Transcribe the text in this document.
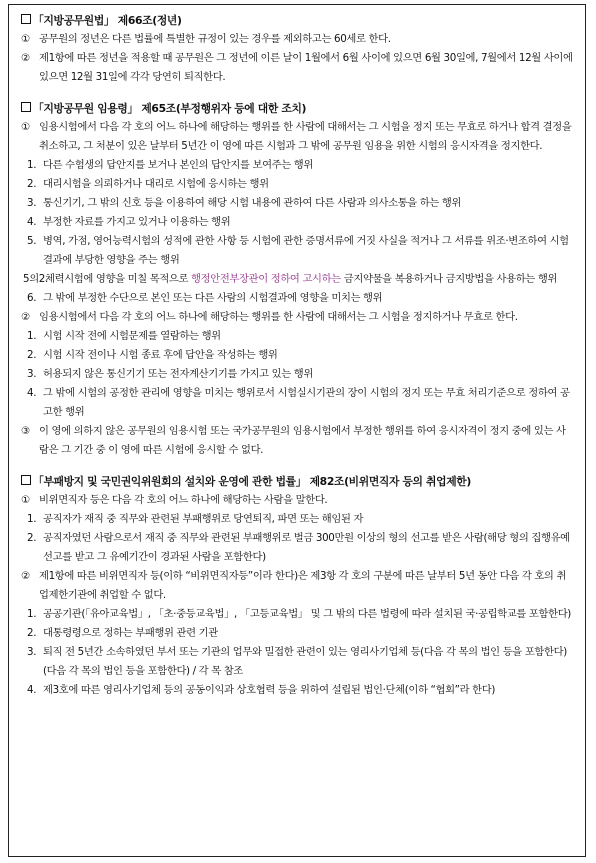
「지방공무원법」 제66조(정년)

① 공무원의 정년은 다른 법률에 특별한 규정이 있는 경우를 제외하고는 60세로 한다.
② 제1항에 따른 정년을 적용할 때 공무원은 그 정년에 이른 날이 1월에서 6월 사이에 있으면 6월 30일에, 7월에서 12월 사이에 있으면 12월 31일에 각각 당연히 퇴직한다.

「지방공무원 임용령」 제65조(부정행위자 등에 대한 조치)

① 임용시험에서 다음 각 호의 어느 하나에 해당하는 행위를 한 사람에 대해서는 그 시험을 정지 또는 무효로 하거나 합격 결정을 취소하고, 그 처분이 있은 날부터 5년간 이 영에 따른 시험과 그 밖에 공무원 임용을 위한 시험의 응시자격을 정지한다.
1. 다른 수험생의 답안지를 보거나 본인의 답안지를 보여주는 행위
2. 대리시험을 의뢰하거나 대리로 시험에 응시하는 행위
3. 통신기기, 그 밖의 신호 등을 이용하여 해당 시험 내용에 관하여 다른 사람과 의사소통을 하는 행위
4. 부정한 자료를 가지고 있거나 이용하는 행위
5. 병역, 가점, 영어능력시험의 성적에 관한 사항 등 시험에 관한 증명서류에 거짓 사실을 적거나 그 서류를 위조·변조하여 시험결과에 부당한 영향을 주는 행위
5의2.
체력시험에 영향을 미칠 목적으로 행정안전부장관이 정하여 고시하는 금지약물을 복용하거나 금지방법을 사용하는 행위
6. 그 밖에 부정한 수단으로 본인 또는 다른 사람의 시험결과에 영향을 미치는 행위
② 임용시험에서 다음 각 호의 어느 하나에 해당하는 행위를 한 사람에 대해서는 그 시험을 정지하거나 무효로 한다.
1. 시험 시작 전에 시험문제를 열람하는 행위
2. 시험 시작 전이나 시험 종료 후에 답안을 작성하는 행위
3. 허용되지 않은 통신기기 또는 전자계산기기를 가지고 있는 행위
4. 그 밖에 시험의 공정한 관리에 영향을 미치는 행위로서 시험실시기관의 장이 시험의 정지 또는 무효 처리기준으로 정하여 공고한 행위
③ 이 영에 의하지 않은 공무원의 임용시험 또는 국가공무원의 임용시험에서 부정한 행위를 하여 응시자격이 정지 중에 있는 사람은 그 기간 중 이 영에 따른 시험에 응시할 수 없다.

「부패방지 및 국민권익위원회의 설치와 운영에 관한 법률」 제82조(비위면직자 등의 취업제한)

① 비위면직자 등은 다음 각 호의 어느 하나에 해당하는 사람을 말한다.
1. 공직자가 재직 중 직무와 관련된 부패행위로 당연퇴직, 파면 또는 해임된 자
2. 공직자였던 사람으로서 재직 중 직무와 관련된 부패행위로 벌금 300만원 이상의 형의 선고를 받은 사람(해당 형의 집행유예 선고를 받고 그 유예기간이 경과된 사람을 포함한다)
② 제1항에 따른 비위면직자 등(이하 “비위면직자등”이라 한다)은 제3항 각 호의 구분에 따른 날부터 5년 동안 다음 각 호의 취업제한기관에 취업할 수 없다.
1. 공공기관(「유아교육법」, 「초·중등교육법」, 「고등교육법」 및 그 밖의 다른 법령에 따라 설치된 국·공립학교를 포함한다)
2. 대통령령으로 정하는 부패행위 관련 기관
3. 퇴직 전 5년간 소속하였던 부서 또는 기관의 업무와 밀접한 관련이 있는 영리사기업체 등(다음 각 목의 법인 등을 포함한다) (다음 각 목의 법인 등을 포함한다) / 각 목 참조
4. 제3호에 따른 영리사기업체 등의 공동이익과 상호협력 등을 위하여 설립된 법인·단체(이하 “협회”라 한다)
